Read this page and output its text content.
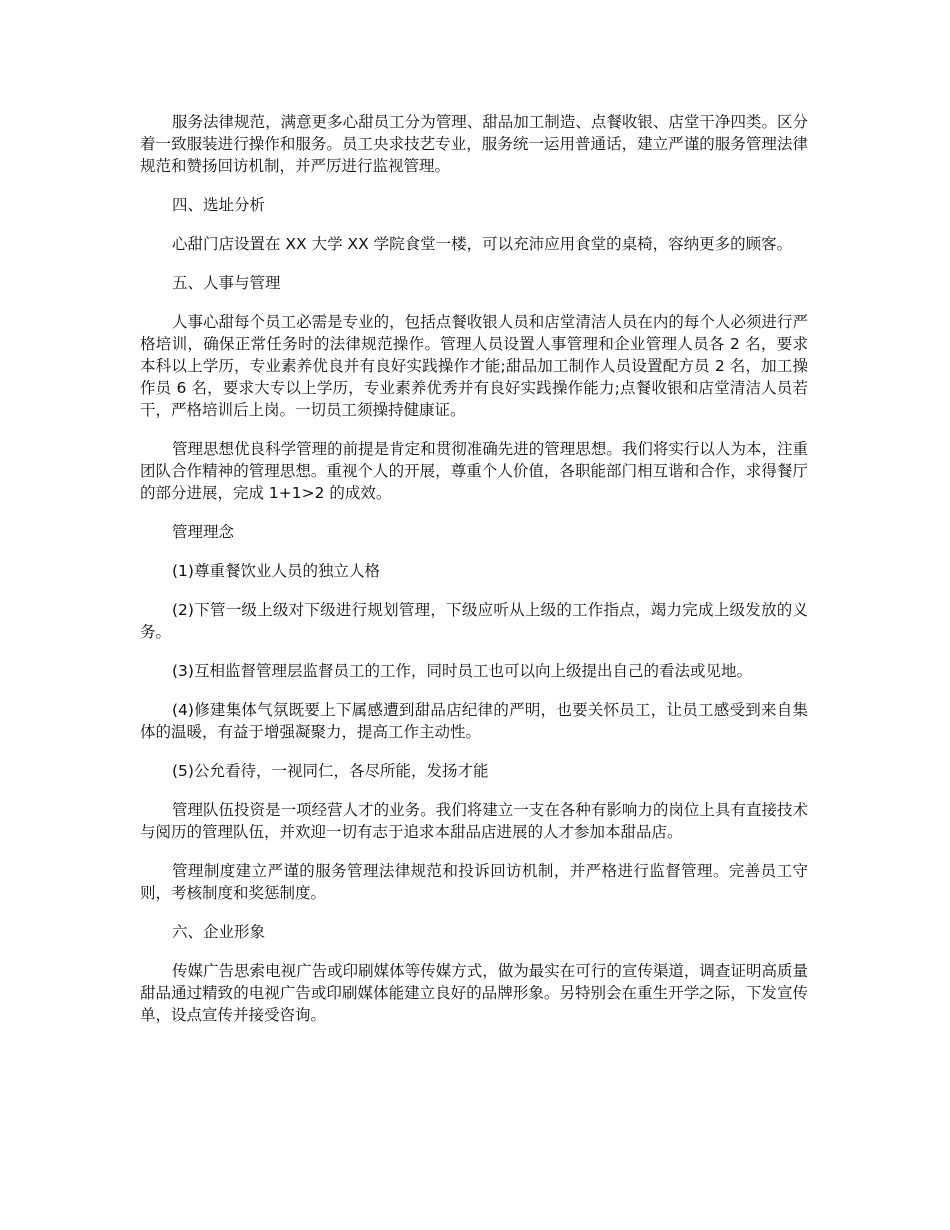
服务法律规范，满意更多心甜员工分为管理、甜品加工制造、点餐收银、店堂干净四类。区分着一致服装进行操作和服务。员工央求技艺专业，服务统一运用普通话，建立严谨的服务管理法律规范和赞扬回访机制，并严厉进行监视管理。

四、选址分析

心甜门店设置在 XX 大学 XX 学院食堂一楼，可以充沛应用食堂的桌椅，容纳更多的顾客。

五、人事与管理

人事心甜每个员工必需是专业的，包括点餐收银人员和店堂清洁人员在内的每个人必须进行严格培训，确保正常任务时的法律规范操作。管理人员设置人事管理和企业管理人员各 2 名，要求本科以上学历，专业素养优良并有良好实践操作才能;甜品加工制作人员设置配方员 2 名，加工操作员 6 名，要求大专以上学历，专业素养优秀并有良好实践操作能力;点餐收银和店堂清洁人员若干，严格培训后上岗。一切员工须操持健康证。

管理思想优良科学管理的前提是肯定和贯彻准确先进的管理思想。我们将实行以人为本，注重团队合作精神的管理思想。重视个人的开展，尊重个人价值，各职能部门相互谐和合作，求得餐厅的部分进展，完成 1+1>2 的成效。

管理理念

(1)尊重餐饮业人员的独立人格

(2)下管一级上级对下级进行规划管理，下级应听从上级的工作指点，竭力完成上级发放的义务。

(3)互相监督管理层监督员工的工作，同时员工也可以向上级提出自己的看法或见地。

(4)修建集体气氛既要上下属感遭到甜品店纪律的严明，也要关怀员工，让员工感受到来自集体的温暖，有益于增强凝聚力，提高工作主动性。

(5)公允看待，一视同仁，各尽所能，发扬才能

管理队伍投资是一项经营人才的业务。我们将建立一支在各种有影响力的岗位上具有直接技术与阅历的管理队伍，并欢迎一切有志于追求本甜品店进展的人才参加本甜品店。

管理制度建立严谨的服务管理法律规范和投诉回访机制，并严格进行监督管理。完善员工守则，考核制度和奖惩制度。

六、企业形象

传媒广告思索电视广告或印刷媒体等传媒方式，做为最实在可行的宣传渠道，调查证明高质量甜品通过精致的电视广告或印刷媒体能建立良好的品牌形象。另特别会在重生开学之际，下发宣传单，设点宣传并接受咨询。
